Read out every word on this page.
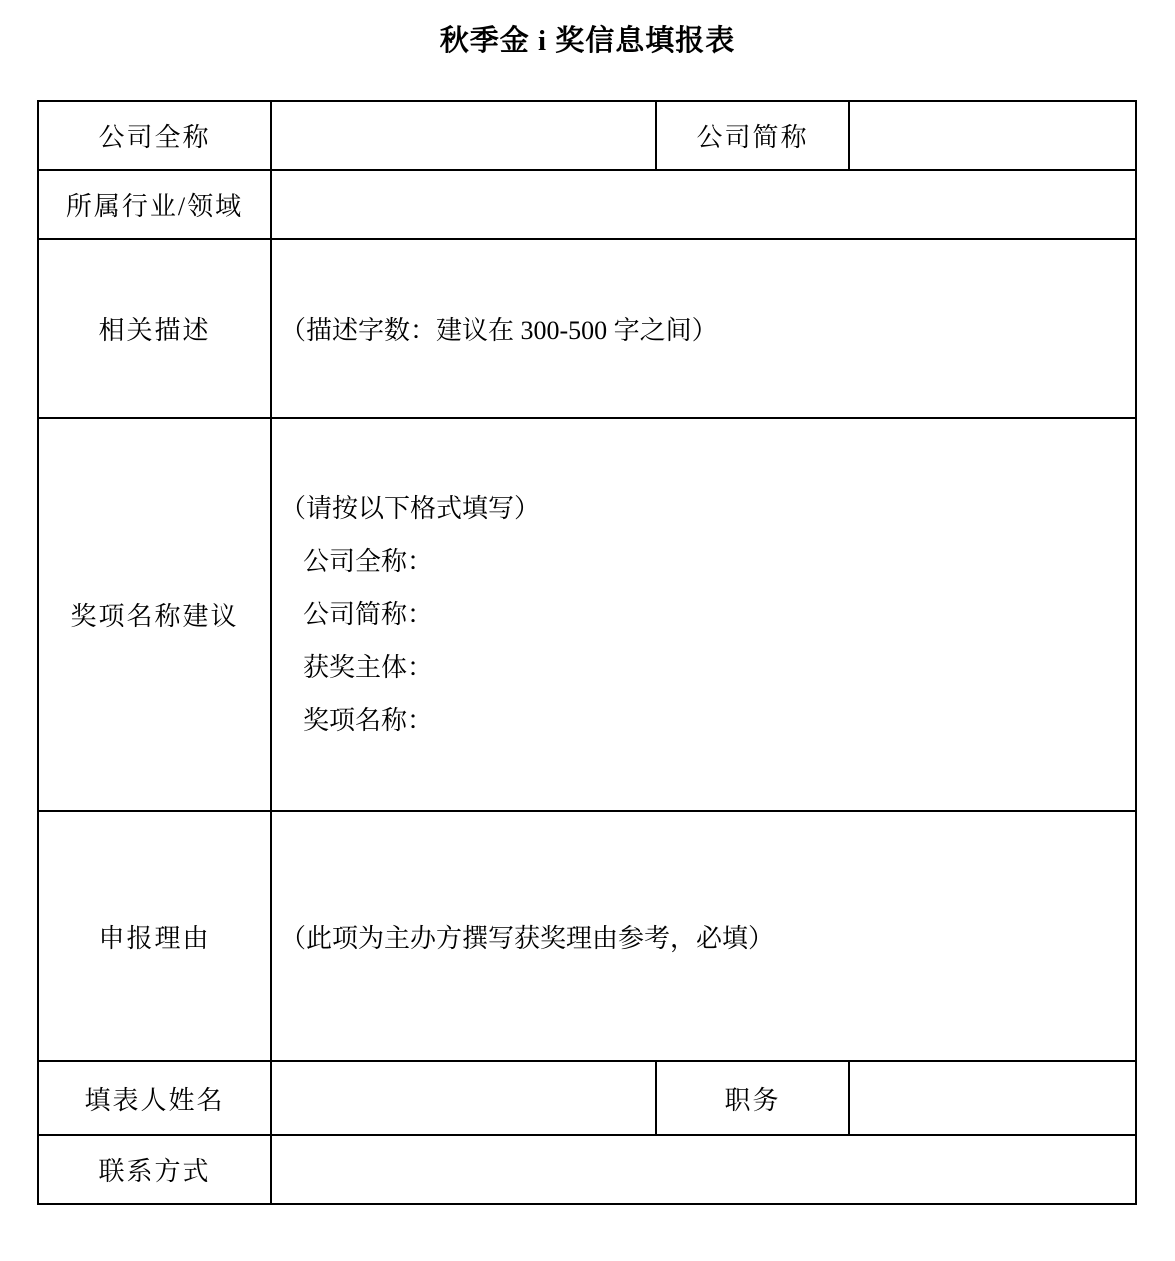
秋季金 i 奖信息填报表
公司全称		公司简称	
所属行业/领域			
相关描述	（描述字数：建议在 300-500 字之间）		
奖项名称建议	（请按以下格式填写）
公司全称：
公司简称：
获奖主体：
奖项名称：		

申报理由	（此项为主办方撰写获奖理由参考，必填）		
填表人姓名		职务	
联系方式			
